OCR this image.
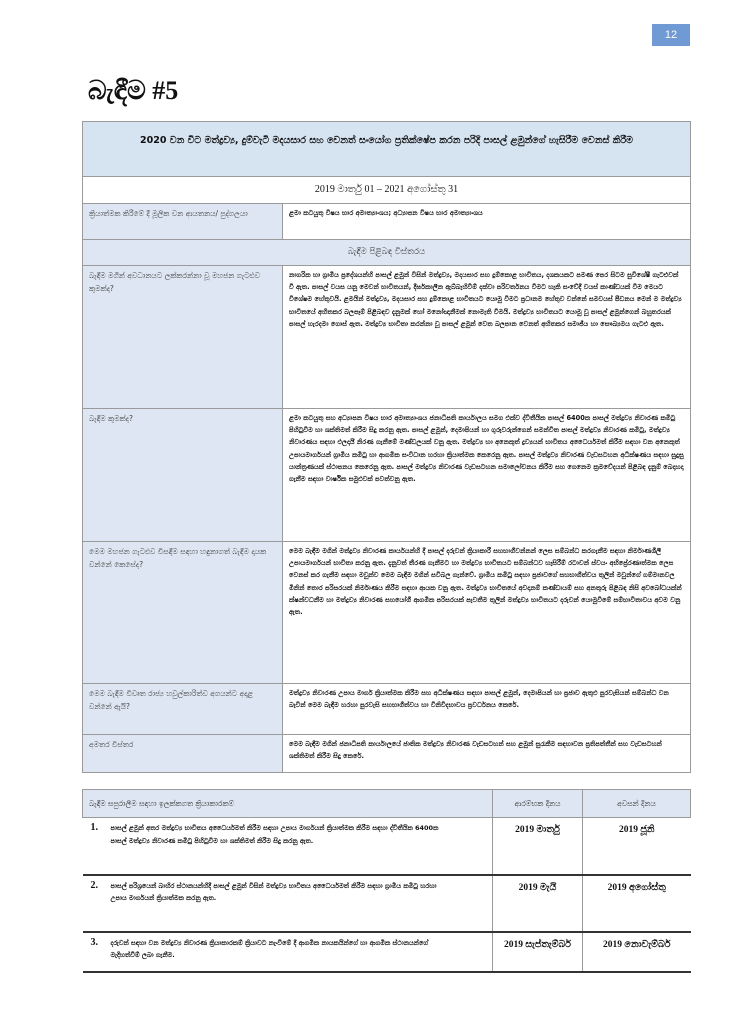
12
බැඳීම #5
2020 වන විට මත්ද්‍රව්‍ය, දුම්වැටි මදයසාර සහ වෙනත් සංයෝග ප්‍රතික්ෂේප කරන පරිදි පාසල් ළමුන්ගේ හැසිරීම වෙනස් කිරීම	
2019 මාර්තු 01 – 2021 අගෝස්තු 31	
ක්‍රියාත්මක කිරීමේ දී මූලික වන ආයතනය/ පුද්ගලයා	ළමා කටයුතු විෂය භාර අමාත්‍යාංශය; අධ්‍යාපන විෂය භාර අමාත්‍යාංශය
බැඳීම පිළිබඳ විස්තරය	
බැඳීම මගින් අවධානයට ලක්කරන්නා වූ මහජන ගැටළුව කුමක්ද?	නාගරික හා ග්‍රාමීය ප්‍රදේශයන්හි පාසල් ළමුන් විසින් මත්ද්‍රව්‍ය, මදයසාර සහ දුම්කොළ භාවිතය, දශකයකට පමණ පෙර සිටම සුවිශේෂී ගැටළුවක් වී ඇත. පාසල් වයස යනු මෙවන් භාවිතයන්, දීර්ඝකාලීන ඇබ්බැහිවීම් දක්වා පරිවර්තනය වීමට හැකි සංවේදී වයස් කාණ්ඩයක් වීම මෙයට විශේෂම හේතුවයි. ළමයින් මත්ද්‍රව්‍ය, මදයසාර සහ දුම්කොළ භාවිතයට යොමු වීමට ප්‍රධානම හේතුව වන්නේ සමවයස් පීඩනය මෙන් ම මත්ද්‍රව්‍ය භාවිතයේ අහිතකර බලපෑම් පිළිබඳව දැනුමක් හෝ මනෝඥානීමක් නොමැති වීමයි. මත්ද්‍රව්‍ය භාවිතයට යොමු වූ පාසල් ළමුන්ගෙන් බහුතරයක් පාසල් හැරදමා ගොස් ඇත. මත්ද්‍රව්‍ය භාවිතා කරන්නා වූ පාසල් ළමුන් වෙත බලපාන වෙනත් අහිතකර සමාජීය හා සෞඛ්‍යමය ගැටළු ඇත.
බැඳීම කුමක්ද?	ළමා කටයුතු සහ අධ්‍යාපන විෂය භාර අමාත්‍යාංශය ජනාධිපති කාර්යාලය සමග එක්ව ද්විතීයික පාසල් 6400ක පාසල් මත්ද්‍රව්‍ය නිවාරණ කමිටු පිහිටුවීම හා ශක්තිමත් කිරීම සිදු කරනු ඇත. පාසල් ළමුන්, දෙමාපියන් හා ගුරුවරුන්ගෙන් සමන්විත පාසල් මත්ද්‍රව්‍ය නිවාරණ කමිටු, මත්ද්‍රව්‍ය නිවාරණය සඳහා එලදායී නිරණ ගැනීමේ මණ්ඩලයක් වනු ඇත. මත්ද්‍රව්‍ය හා අනෙකුත් ද්‍රව්‍යයන් භාවිතය අධෛර්යමත් කිරීම සඳහා වන අනෙකුත් උපායමාර්ගයන් ග්‍රාමීය කමිටු හා ආගමික සංවිධාන හරහා ක්‍රියාත්මක කෙරෙනු ඇත. පාසල් මත්ද්‍රව්‍ය නිවාරණ වැඩසටහන අධීක්ෂණය සඳහා සුදුසු යාන්ත්‍රණයක් ස්ථාපනය කෙරෙනු ඇත. පාසල් මත්ද්‍රව්‍ය නිවාරණ වැඩසටහන සමාලෝචනය කිරීම සහ ගෙනෙම ක්‍රමවේදයන් පිළිබඳ දැනුම් බෙදාහදා ගැනීම සඳහා වාර්ෂික සමුළුවක් පවත්වනු ඇත.
මෙම මහජන ගැටළුව විසඳීම සඳහා හඳුනාගත් බැඳීම දායක වන්නේ කෙසේද?	මෙම බැඳීම මගින් මත්ද්‍රව්‍ය නිවාරණ කාර්යයන්හි දී පාසල් දරුවන් ක්‍රියාකාරී සහභාගීවන්නන් ලෙස සම්බන්ධ කරගැනීම සඳහා නිර්මාණශීලී උපායමාර්ගයන් භාවිතා කරනු ඇත. දැනුවත් තීරණ ගැනීමට හා මත්ද්‍රව්‍ය භාවිතයට සම්බන්ධව හැසිරීම් රටාවන් ස්වයං අභිප්‍රේරණාත්මක ලෙස වෙනස් කර ගැනීම සඳහා මවුන්ව මෙම බැඳීම මගින් සවිබල ගැන්වේ. ග්‍රාමීය කමිටු සඳහා ප්‍රජාවගේ සහභාගීත්වය තුලින් මවුන්ගේ ගම්මානවල මිනින් තොර පරිසරයක් නිර්මාණය කිරීම සඳහා ආයක වනු ඇත. මත්ද්‍රව්‍ය භාවිතයේ අවදානම් කණ්ඩායම් සහ අනතුරු පිළිබඳ නිසි අවබෝධයක්න් ක්ෂන්වධනීම හා මත්ද්‍රව්‍ය නිවාරණ සහයෝගී ආගමික පරිසරයක් පැවතීම තුලින් මත්ද්‍රව්‍ය භාවිතයට දරුවන් යොමුවීමේ සම්භාවිතාවය අවම වනු ඇත.
මෙම බැඳීම විවෘත රාජ්‍ය හවුල්කාරිත්ව අගයන්ට අදාළ වන්නේ ඇයි?	මත්ද්‍රව්‍ය නිවාරණ උපාය මාර්ග ක්‍රියාත්මක කිරීම සහ අධීක්ෂණය සඳහා පාසල් ළමුන්, දෙමාපියන් හා ප්‍රජාව ඇතුළු පුරවැසියන් සම්බන්ධ වන බැවින් මෙම බැඳීම හරහා පුරවැසි සහභාගීත්වය හා විනිවිදභාවය ප්‍රවර්ධනය කෙරේ.
අමතර විස්තර	මෙම බැඳීම මගින් ජනාධිපති කාර්යාලයේ ජාතික මත්ද්‍රව්‍ය නිවාරණ වැඩසටහන් සහ ළමුන් සුරැකීම සඳහාවන ප්‍රතිපත්තීන් සහ වැඩසටහන් ශක්තිමත් කිරීම සිදු කෙරේ.
බැඳීම සපුරාලීම සඳහා ඉලක්කගත ක්‍රියාකාරකම්	ආරම්භක දිනය	අවසන් දිනය
1. පාසල් ළමුන් අතර මත්ද්‍රව්‍ය භාවිතය අධෛර්යමත් කිරීම සඳහා උපාය මාර්ගයන් ක්‍රියාත්මක කිරීම සඳහා ද්විතීයික 6400ක පාසල් මත්ද්‍රව්‍ය නිවාරණ කමිටු පිහිටුවීම හා ශක්තිමත් කිරීම සිදු කරනු ඇත.	2019 මාර්තු	2019 ජූනි
2. පාසල් පරිශ්‍රයෙන් බාහිර ස්ථානයන්හිදී පාසල් ළමුන් විසින් මත්ද්‍රව්‍ය භාවිතය අධෛර්යමත් කිරීම සඳහා ග්‍රාමීය කමිටු හරහා උපාය මාර්ගයන් ක්‍රියාත්මක කරනු ඇත.	2019 මැයි	2019 අගෝස්තු
3. දරුවන් සඳහා වන මත්ද්‍රව්‍ය නිවාරණ ක්‍රියාකාරකම් ක්‍රියාවට නැංවීමේ දී ආගමික නායකයින්ගේ හා ආගමික ස්ථානයන්ගේ මැදිහත්වීම් ලබා ගැනීම.	2019 සැප්තැම්බර්	2019 නොවැම්බර්
